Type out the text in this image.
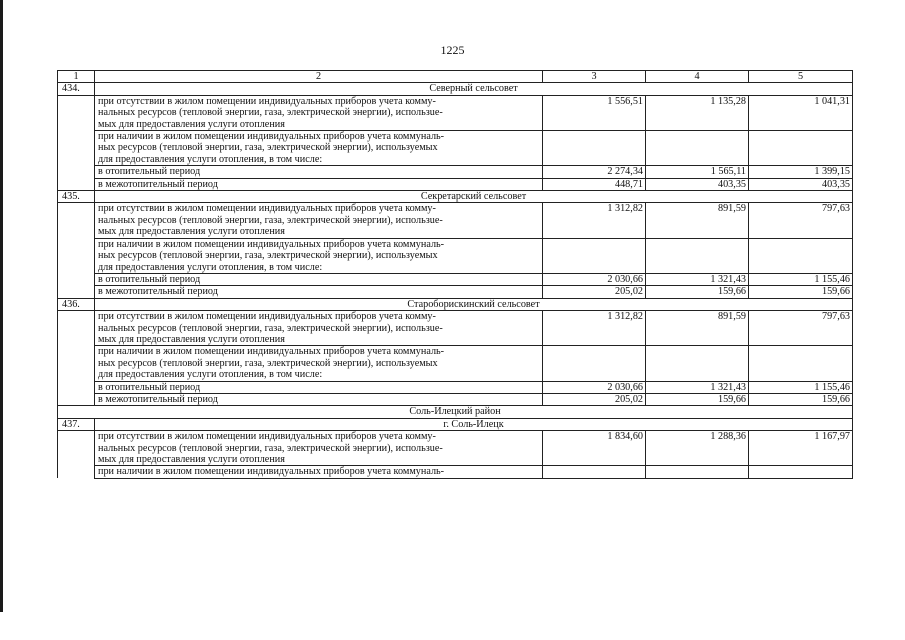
1225
1	2	3	4	5
434.	Северный сельсовет			

	при отсутствии в жилом помещении индивидуальных приборов учета комму-
нальных ресурсов (тепловой энергии, газа, электрической энергии), использue-
мых для предоставления услуги отопления	1 556,51	1 135,28	1 041,31

	при наличии в жилом помещении индивидуальных приборов учета коммуналь-
ных ресурсов (тепловой энергии, газа, электрической энергии), используемых
для предоставления услуги отопления, в том числе:			

	в отопительный период	2 274,34	1 565,11	1 399,15
	в межотопительный период	448,71	403,35	403,35
435.	Секретарский сельсовет			

	при отсутствии в жилом помещении индивидуальных приборов учета комму-
нальных ресурсов (тепловой энергии, газа, электрической энергии), использue-
мых для предоставления услуги отопления	1 312,82	891,59	797,63

	при наличии в жилом помещении индивидуальных приборов учета коммуналь-
ных ресурсов (тепловой энергии, газа, электрической энергии), используемых
для предоставления услуги отопления, в том числе:			

	в отопительный период	2 030,66	1 321,43	1 155,46
	в межотопительный период	205,02	159,66	159,66
436.	Староборискинский сельсовет			

	при отсутствии в жилом помещении индивидуальных приборов учета комму-
нальных ресурсов (тепловой энергии, газа, электрической энергии), использue-
мых для предоставления услуги отопления	1 312,82	891,59	797,63

	при наличии в жилом помещении индивидуальных приборов учета коммуналь-
ных ресурсов (тепловой энергии, газа, электрической энергии), используемых
для предоставления услуги отопления, в том числе:			

	в отопительный период	2 030,66	1 321,43	1 155,46
	в межотопительный период	205,02	159,66	159,66
Соль-Илецкий район				
437.	г. Соль-Илецк			

	при отсутствии в жилом помещении индивидуальных приборов учета комму-
нальных ресурсов (тепловой энергии, газа, электрической энергии), использue-
мых для предоставления услуги отопления	1 834,60	1 288,36	1 167,97
	при наличии в жилом помещении индивидуальных приборов учета коммуналь-			
